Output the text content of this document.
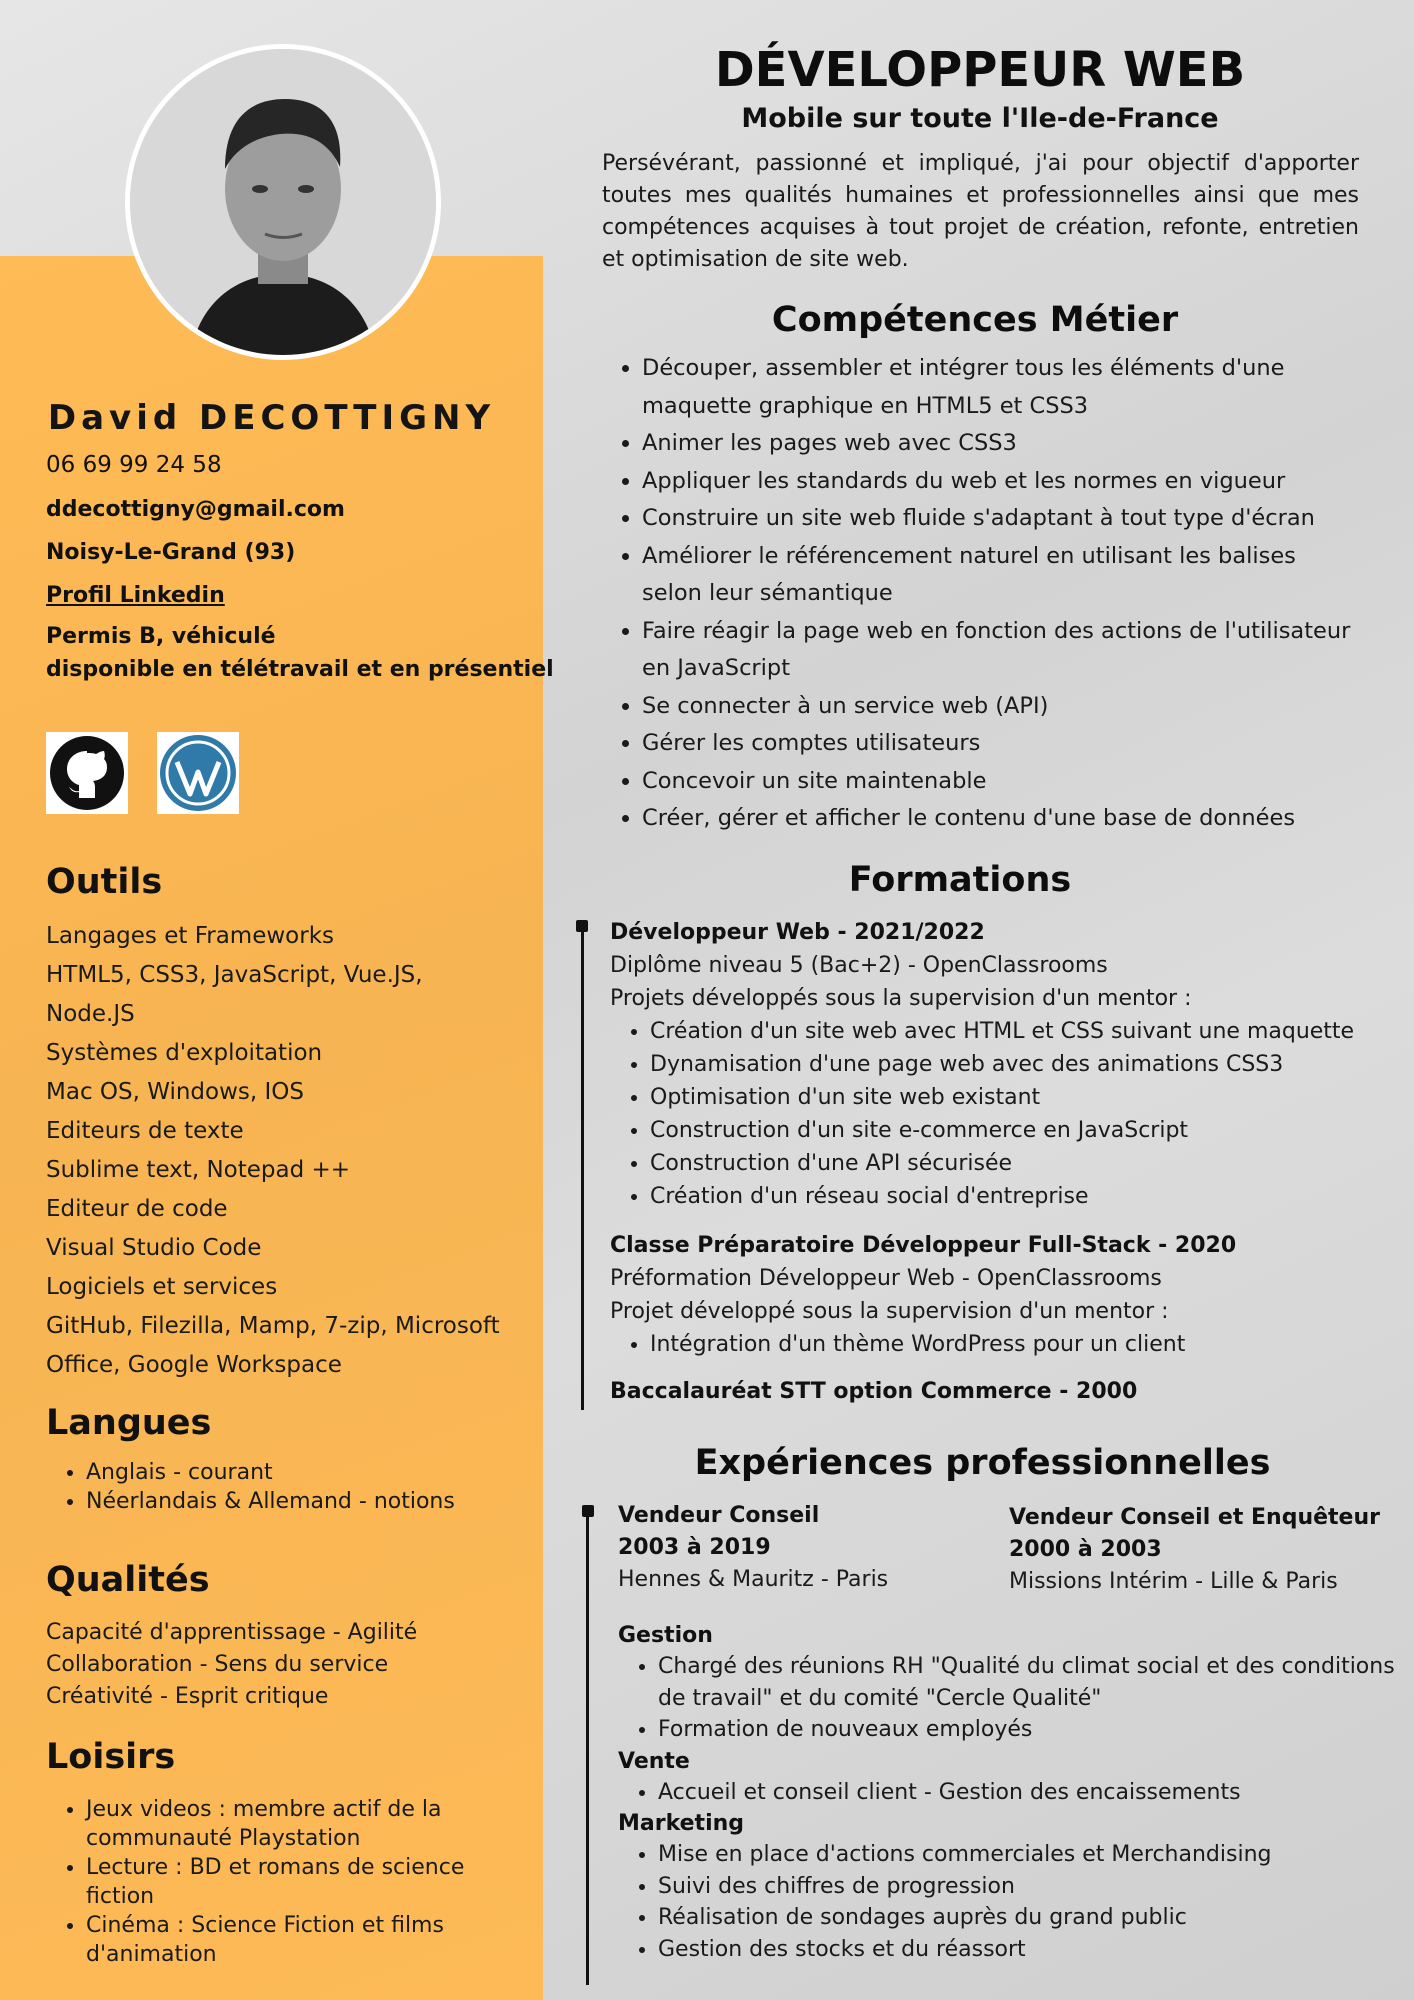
David DECOTTIGNY
06 69 99 24 58
ddecottigny@gmail.com
Noisy-Le-Grand (93)
Profil Linkedin
Permis B, véhiculé
disponible en télétravail et en présentiel
Outils
Langages et Frameworks
HTML5, CSS3, JavaScript, Vue.JS, Node.JS
Systèmes d'exploitation
Mac OS, Windows, IOS
Editeurs de texte
Sublime text, Notepad ++
Editeur de code
Visual Studio Code
Logiciels et services
GitHub, Filezilla, Mamp, 7-zip, Microsoft
Office, Google Workspace
Langues
• Anglais - courant
• Néerlandais & Allemand - notions
Qualités
Capacité d'apprentissage - Agilité
Collaboration - Sens du service
Créativité - Esprit critique
Loisirs
• Jeux videos : membre actif de la communauté Playstation
• Lecture : BD et romans de science fiction
• Cinéma : Science Fiction et films d'animation
DÉVELOPPEUR WEB
Mobile sur toute l'Ile-de-France
Persévérant, passionné et impliqué, j'ai pour objectif d'apporter toutes mes qualités humaines et professionnelles ainsi que mes compétences acquises à tout projet de création, refonte, entretien et optimisation de site web.
Compétences Métier
• Découper, assembler et intégrer tous les éléments d'une maquette graphique en HTML5 et CSS3
• Animer les pages web avec CSS3
• Appliquer les standards du web et les normes en vigueur
• Construire un site web fluide s'adaptant à tout type d'écran
• Améliorer le référencement naturel en utilisant les balises selon leur sémantique
• Faire réagir la page web en fonction des actions de l'utilisateur en JavaScript
• Se connecter à un service web (API)
• Gérer les comptes utilisateurs
• Concevoir un site maintenable
• Créer, gérer et afficher le contenu d'une base de données
Formations
Développeur Web - 2021/2022
Diplôme niveau 5 (Bac+2) - OpenClassrooms
Projets développés sous la supervision d'un mentor :
• Création d'un site web avec HTML et CSS suivant une maquette
• Dynamisation d'une page web avec des animations CSS3
• Optimisation d'un site web existant
• Construction d'un site e-commerce en JavaScript
• Construction d'une API sécurisée
• Création d'un réseau social d'entreprise
Classe Préparatoire Développeur Full-Stack - 2020
Préformation Développeur Web - OpenClassrooms
Projet développé sous la supervision d'un mentor :
• Intégration d'un thème WordPress pour un client
Baccalauréat STT option Commerce - 2000
Expériences professionnelles
Vendeur Conseil
2003 à 2019
Hennes & Mauritz - Paris
Vendeur Conseil et Enquêteur
2000 à 2003
Missions Intérim - Lille & Paris
Gestion
• Chargé des réunions RH "Qualité du climat social et des conditions de travail" et du comité "Cercle Qualité"
• Formation de nouveaux employés
Vente
• Accueil et conseil client - Gestion des encaissements
Marketing
• Mise en place d'actions commerciales et Merchandising
• Suivi des chiffres de progression
• Réalisation de sondages auprès du grand public
• Gestion des stocks et du réassort
